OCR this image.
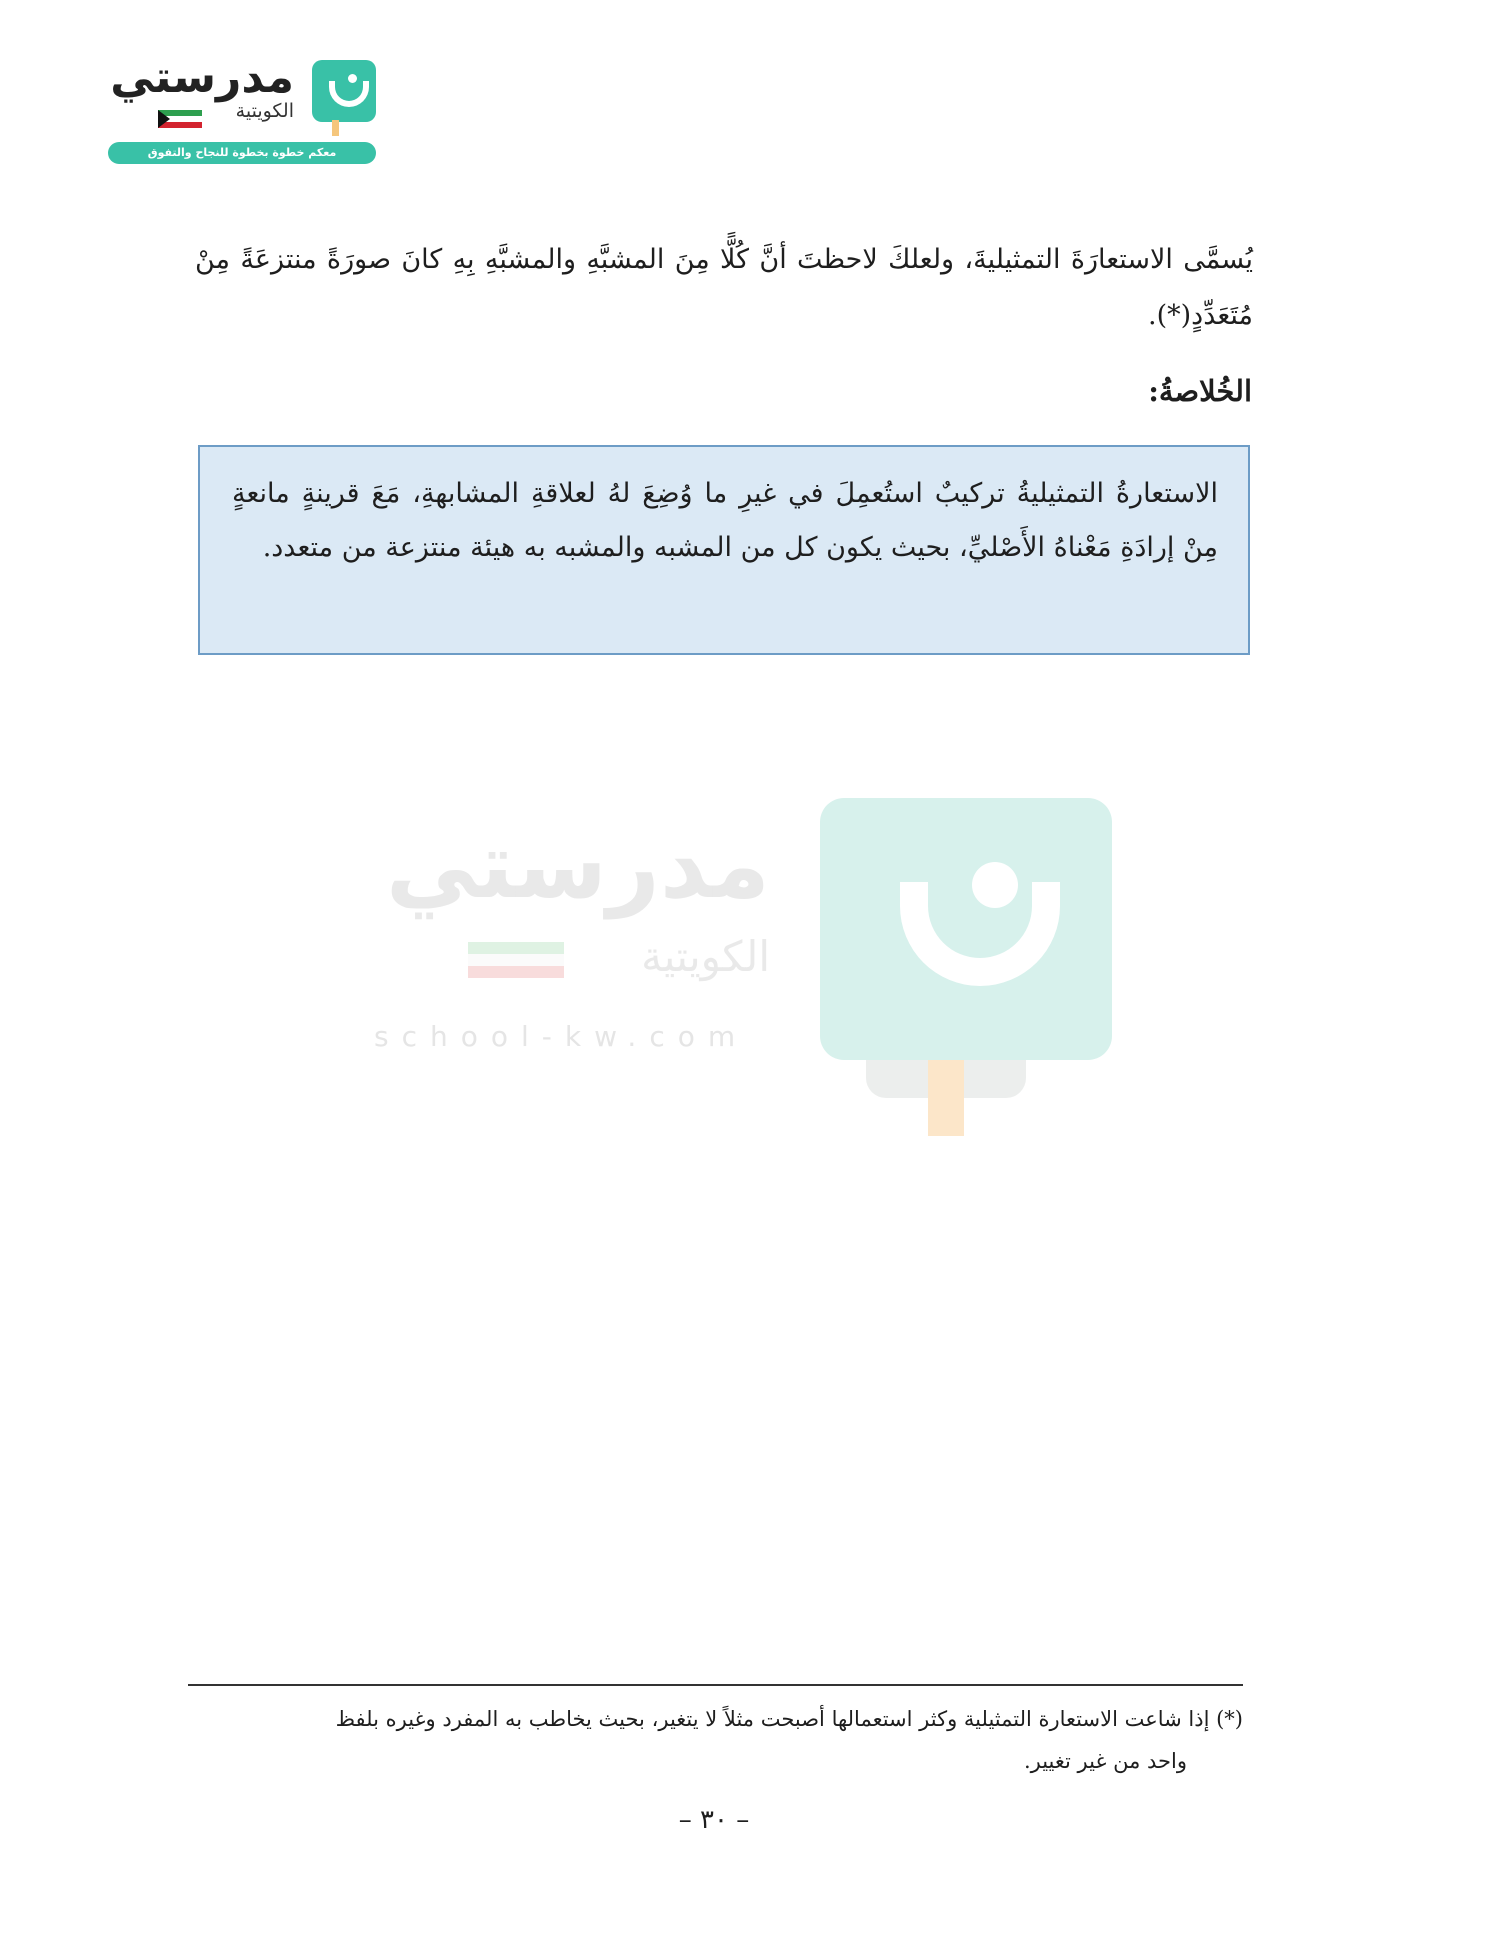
مدرستي
الكويتية
معكم خطوة بخطوة للنجاح والتفوق
يُسمَّى الاستعارَةَ التمثيليةَ، ولعلكَ لاحظتَ أنَّ كُلًّا مِنَ المشبَّهِ والمشبَّهِ بِهِ كانَ صورَةً منتزعَةً مِنْ مُتَعَدِّدٍ(*).
الخُلاصةُ:
الاستعارةُ التمثيليةُ تركيبٌ استُعمِلَ في غيرِ ما وُضِعَ لهُ لعلاقةِ المشابهةِ، مَعَ قرينةٍ مانعةٍ مِنْ إرادَةِ مَعْناهُ الأَصْليِّ، بحيث يكون كل من المشبه والمشبه به هيئة منتزعة من متعدد.
مدرستي
الكويتية
school-kw.com
(*) إذا شاعت الاستعارة التمثيلية وكثر استعمالها أصبحت مثلاً لا يتغير، بحيث يخاطب به المفرد وغيره بلفظ
واحد من غير تغيير.
– ٣٠ –
